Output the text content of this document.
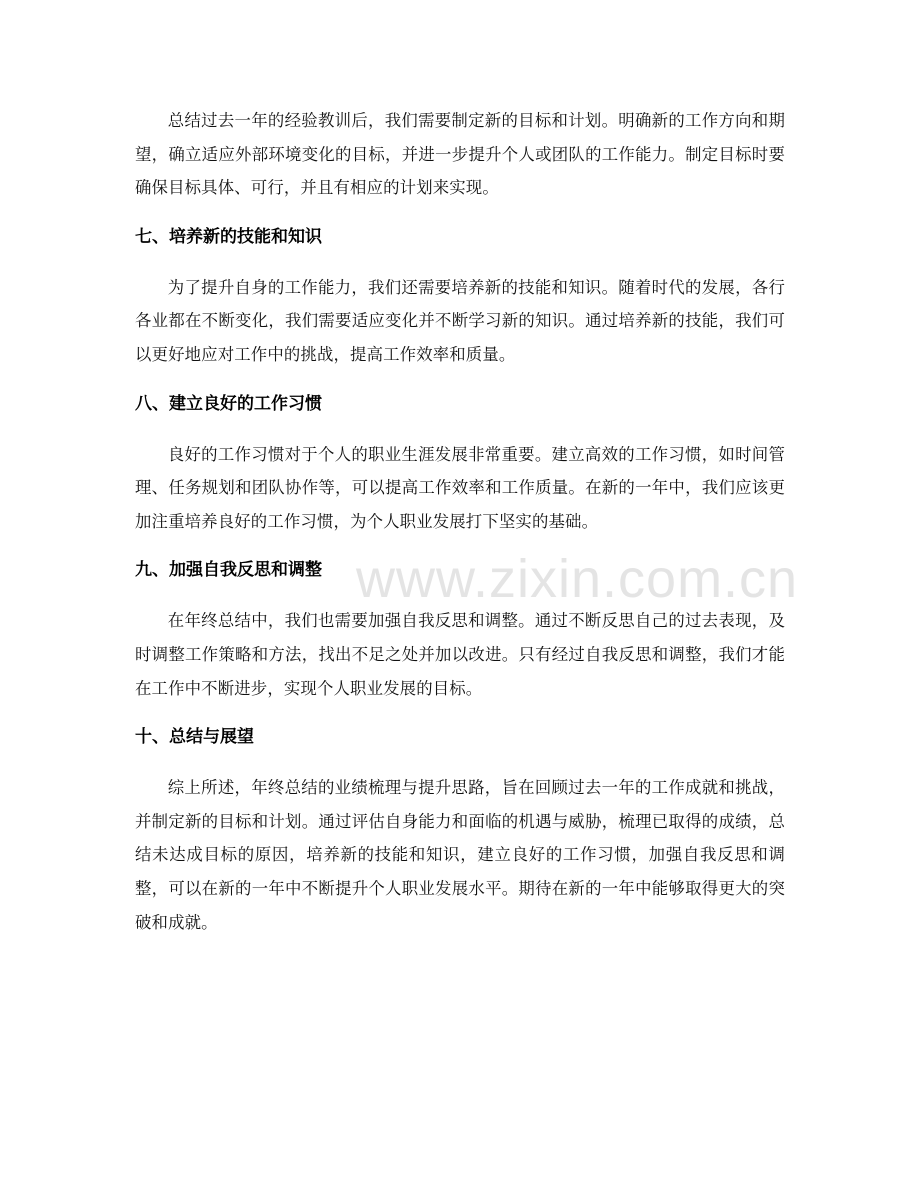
总结过去一年的经验教训后，我们需要制定新的目标和计划。明确新的工作方向和期望，确立适应外部环境变化的目标，并进一步提升个人或团队的工作能力。制定目标时要确保目标具体、可行，并且有相应的计划来实现。

七、培养新的技能和知识

为了提升自身的工作能力，我们还需要培养新的技能和知识。随着时代的发展，各行各业都在不断变化，我们需要适应变化并不断学习新的知识。通过培养新的技能，我们可以更好地应对工作中的挑战，提高工作效率和质量。

八、建立良好的工作习惯

良好的工作习惯对于个人的职业生涯发展非常重要。建立高效的工作习惯，如时间管理、任务规划和团队协作等，可以提高工作效率和工作质量。在新的一年中，我们应该更加注重培养良好的工作习惯，为个人职业发展打下坚实的基础。

九、加强自我反思和调整

在年终总结中，我们也需要加强自我反思和调整。通过不断反思自己的过去表现，及时调整工作策略和方法，找出不足之处并加以改进。只有经过自我反思和调整，我们才能在工作中不断进步，实现个人职业发展的目标。

十、总结与展望

综上所述，年终总结的业绩梳理与提升思路，旨在回顾过去一年的工作成就和挑战，并制定新的目标和计划。通过评估自身能力和面临的机遇与威胁，梳理已取得的成绩，总结未达成目标的原因，培养新的技能和知识，建立良好的工作习惯，加强自我反思和调整，可以在新的一年中不断提升个人职业发展水平。期待在新的一年中能够取得更大的突破和成就。

www.zixin.com.cn
